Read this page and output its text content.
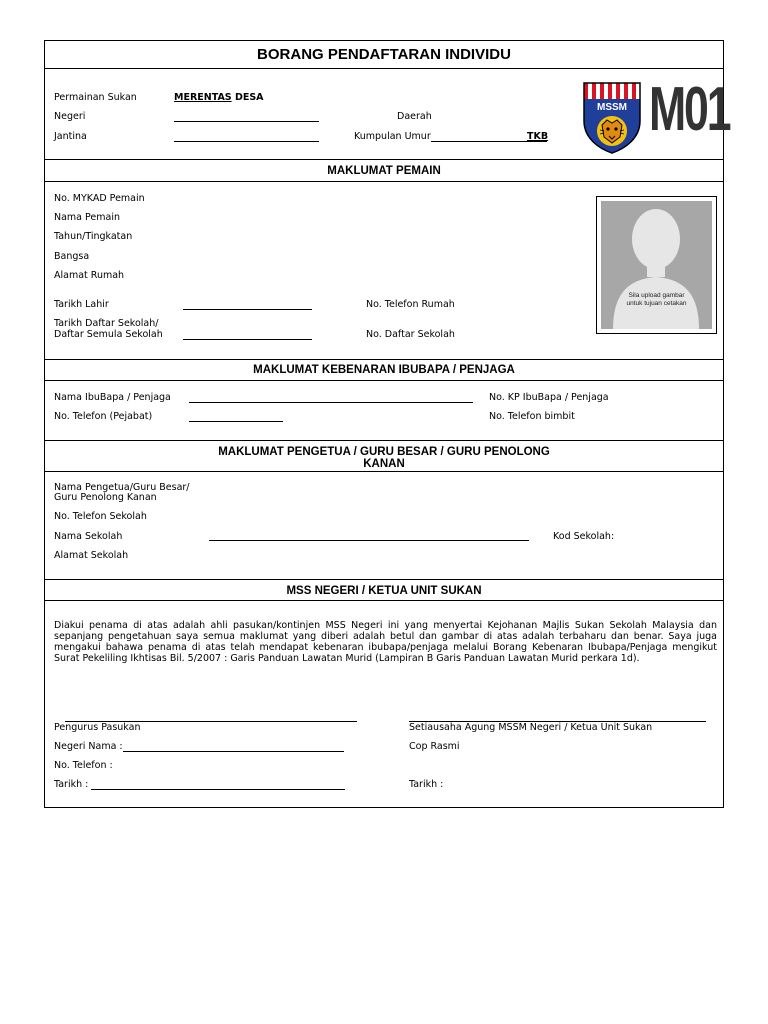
BORANG PENDAFTARAN INDIVIDU
Permainan Sukan	MERENTAS DESA
Negeri	Daerah
Jantina	Kumpulan Umur	TKB
MSSM M01
MAKLUMAT PEMAIN
No. MYKAD Pemain
Nama Pemain
Tahun/Tingkatan
Bangsa
Alamat Rumah
Tarikh Lahir	No. Telefon Rumah
Tarikh Daftar Sekolah/
Daftar Semula Sekolah	No. Daftar Sekolah
Sila upload gambar
untuk tujuan cetakan
MAKLUMAT KEBENARAN IBUBAPA / PENJAGA
Nama IbuBapa / Penjaga	No. KP IbuBapa / Penjaga
No. Telefon (Pejabat)	No. Telefon bimbit
MAKLUMAT PENGETUA / GURU BESAR / GURU PENOLONG
KANAN
Nama Pengetua/Guru Besar/
Guru Penolong Kanan
No. Telefon Sekolah
Nama Sekolah	Kod Sekolah:
Alamat Sekolah
MSS NEGERI / KETUA UNIT SUKAN
Diakui penama di atas adalah ahli pasukan/kontinjen MSS Negeri ini yang menyertai Kejohanan Majlis Sukan Sekolah Malaysia dan sepanjang pengetahuan saya semua maklumat yang diberi adalah betul dan gambar di atas adalah terbaharu dan benar. Saya juga mengakui bahawa penama di atas telah mendapat kebenaran ibubapa/penjaga melalui Borang Kebenaran Ibubapa/Penjaga mengikut Surat Pekeliling Ikhtisas Bil. 5/2007 : Garis Panduan Lawatan Murid (Lampiran B Garis Panduan Lawatan Murid perkara 1d).
Pengurus Pasukan	Setiausaha Agung MSSM Negeri / Ketua Unit Sukan
Negeri Nama :	Cop Rasmi
No. Telefon :
Tarikh :	Tarikh :
